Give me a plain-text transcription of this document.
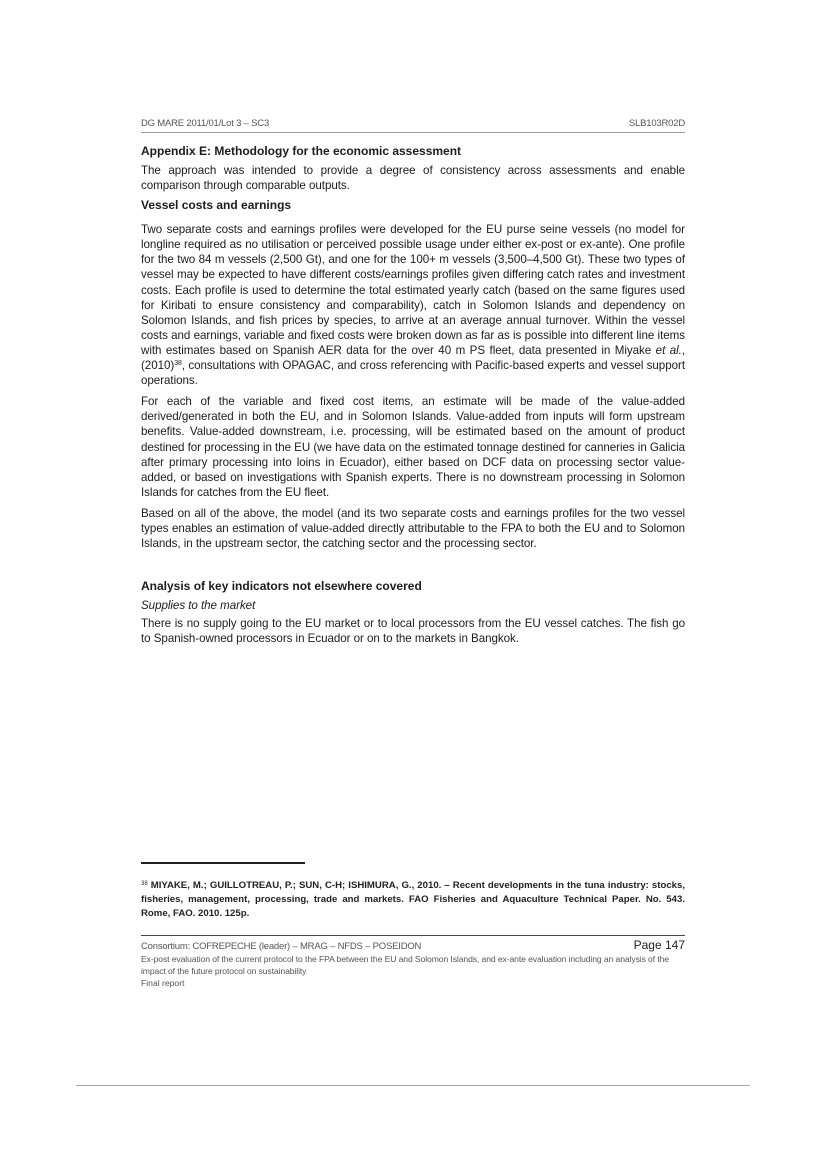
DG MARE 2011/01/Lot 3 – SC3	SLB103R02D
Appendix E: Methodology for the economic assessment

The approach was intended to provide a degree of consistency across assessments and enable comparison through comparable outputs.

Vessel costs and earnings

Two separate costs and earnings profiles were developed for the EU purse seine vessels (no model for longline required as no utilisation or perceived possible usage under either ex-post or ex-ante). One profile for the two 84 m vessels (2,500 Gt), and one for the 100+ m vessels (3,500–4,500 Gt). These two types of vessel may be expected to have different costs/earnings profiles given differing catch rates and investment costs. Each profile is used to determine the total estimated yearly catch (based on the same figures used for Kiribati to ensure consistency and comparability), catch in Solomon Islands and dependency on Solomon Islands, and fish prices by species, to arrive at an average annual turnover. Within the vessel costs and earnings, variable and fixed costs were broken down as far as is possible into different line items with estimates based on Spanish AER data for the over 40 m PS fleet, data presented in Miyake et al., $(2010)^{38}$, consultations with OPAGAC, and cross referencing with Pacific-based experts and vessel support operations.

For each of the variable and fixed cost items, an estimate will be made of the value-added derived/generated in both the EU, and in Solomon Islands. Value-added from inputs will form upstream benefits. Value-added downstream, i.e. processing, will be estimated based on the amount of product destined for processing in the EU (we have data on the estimated tonnage destined for canneries in Galicia after primary processing into loins in Ecuador), either based on DCF data on processing sector value-added, or based on investigations with Spanish experts. There is no downstream processing in Solomon Islands for catches from the EU fleet.

Based on all of the above, the model (and its two separate costs and earnings profiles for the two vessel types enables an estimation of value-added directly attributable to the FPA to both the EU and to Solomon Islands, in the upstream sector, the catching sector and the processing sector.

Analysis of key indicators not elsewhere covered

Supplies to the market

There is no supply going to the EU market or to local processors from the EU vessel catches. The fish go to Spanish-owned processors in Ecuador or on to the markets in Bangkok.

$^{38}$ MIYAKE, M.; GUILLOTREAU, P.; SUN, C-H; ISHIMURA, G., 2010. – Recent developments in the tuna industry: stocks, fisheries, management, processing, trade and markets. FAO Fisheries and Aquaculture Technical Paper. No. 543. Rome, FAO. 2010. 125p.
Consortium: COFREPECHE (leader) – MRAG – NFDS – POSEIDON	Page 147
Ex-post evaluation of the current protocol to the FPA between the EU and Solomon Islands, and ex-ante evaluation including an analysis of the impact of the future protocol on sustainability
Final report
